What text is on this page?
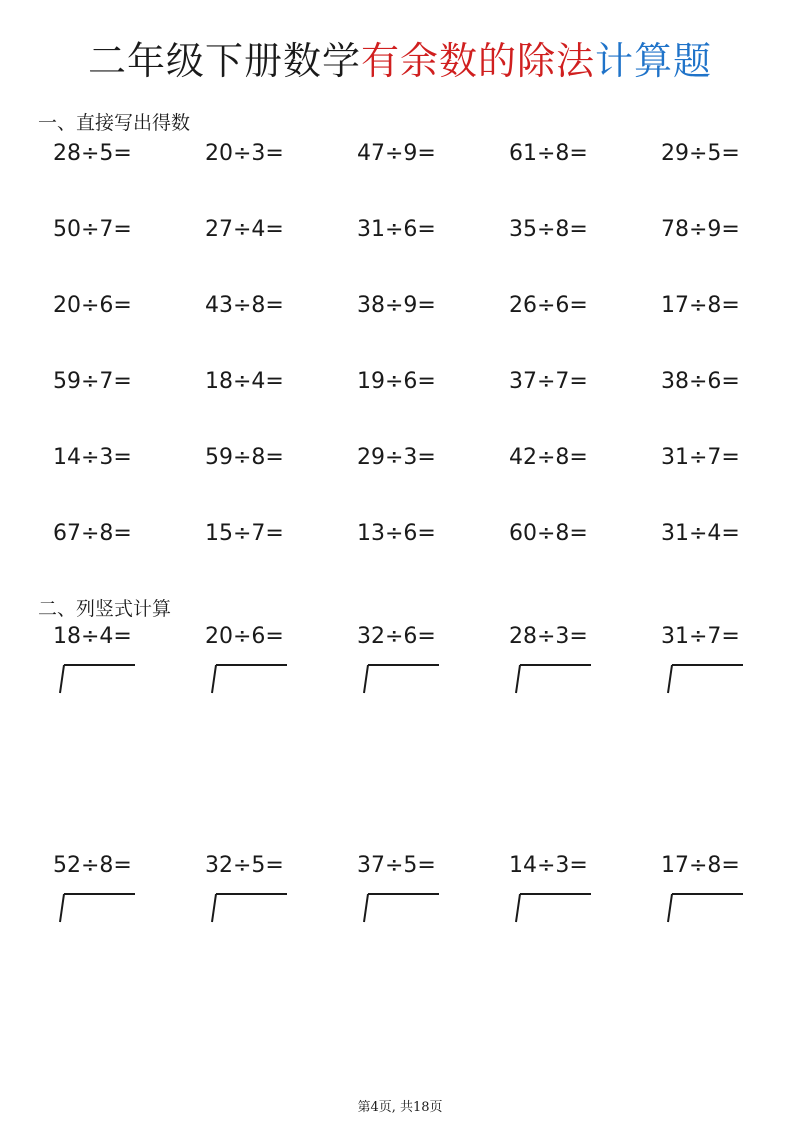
二年级下册数学有余数的除法计算题
一、直接写出得数
28÷5=	20÷3=	47÷9=	61÷8=	29÷5=
50÷7=	27÷4=	31÷6=	35÷8=	78÷9=
20÷6=	43÷8=	38÷9=	26÷6=	17÷8=
59÷7=	18÷4=	19÷6=	37÷7=	38÷6=
14÷3=	59÷8=	29÷3=	42÷8=	31÷7=
67÷8=	15÷7=	13÷6=	60÷8=	31÷4=
二、列竖式计算
18÷4=	20÷6=	32÷6=	28÷3=	31÷7=
52÷8=	32÷5=	37÷5=	14÷3=	17÷8=
第4页, 共18页
